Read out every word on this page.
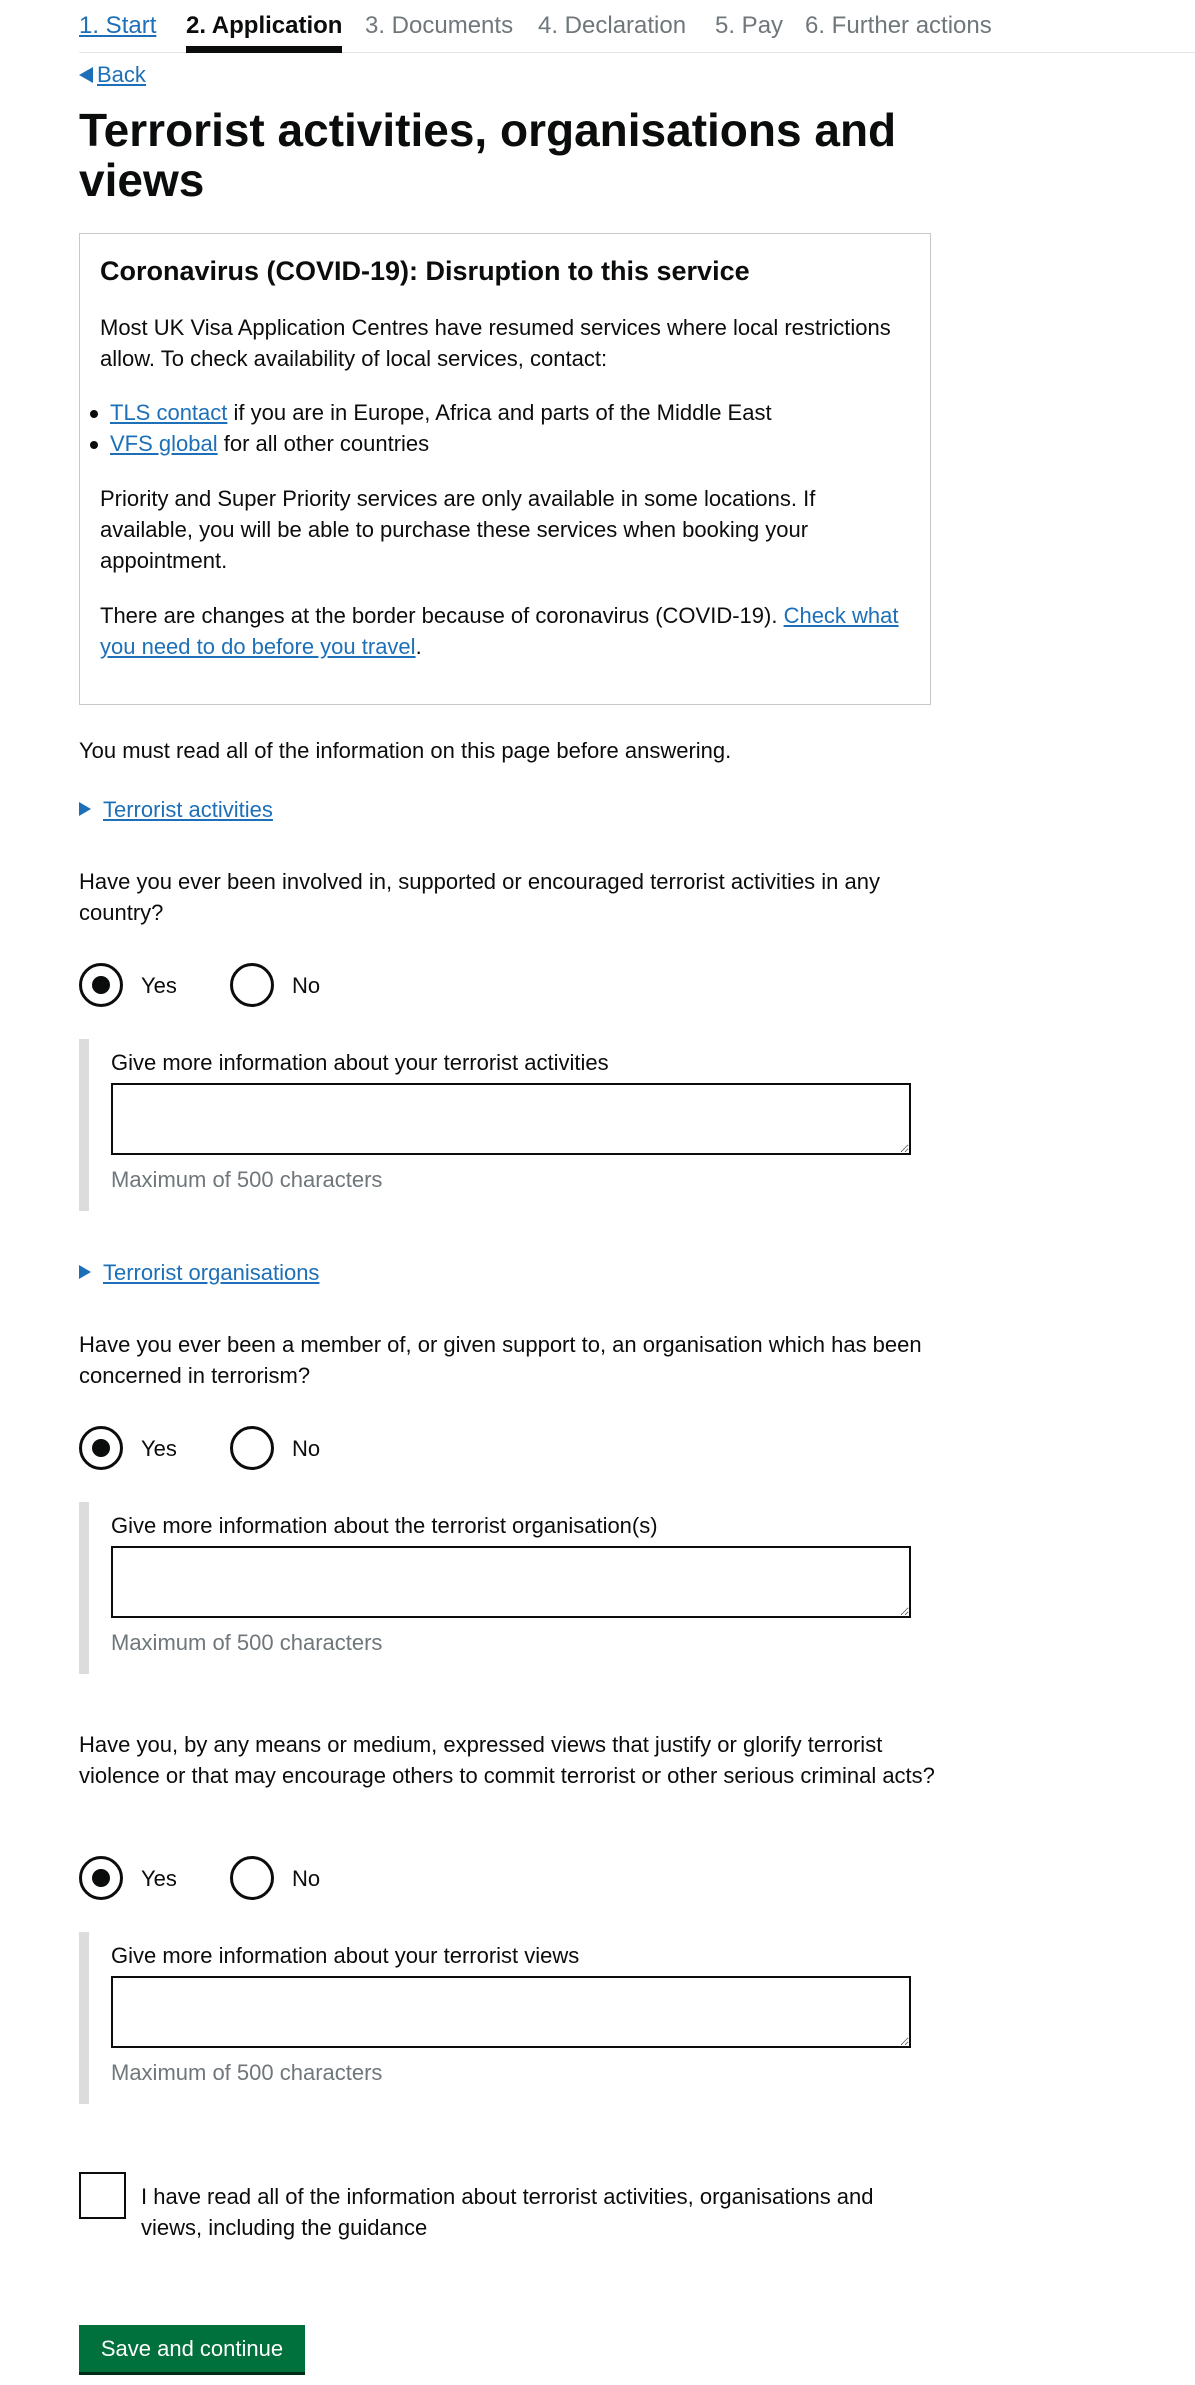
1. Start 2. Application 3. Documents 4. Declaration 5. Pay 6. Further actions
Back
Terrorist activities, organisations and views
Coronavirus (COVID-19): Disruption to this service

Most UK Visa Application Centres have resumed services where local restrictions allow. To check availability of local services, contact:

TLS contact if you are in Europe, Africa and parts of the Middle East
VFS global for all other countries

Priority and Super Priority services are only available in some locations. If available, you will be able to purchase these services when booking your appointment.

There are changes at the border because of coronavirus (COVID-19). Check what you need to do before you travel.

You must read all of the information on this page before answering.
Terrorist activities
Have you ever been involved in, supported or encouraged terrorist activities in any country?
Yes	No
Give more information about your terrorist activities
Maximum of 500 characters
Terrorist organisations
Have you ever been a member of, or given support to, an organisation which has been concerned in terrorism?
Yes	No
Give more information about the terrorist organisation(s)
Maximum of 500 characters
Have you, by any means or medium, expressed views that justify or glorify terrorist violence or that may encourage others to commit terrorist or other serious criminal acts?
Yes	No
Give more information about your terrorist views
Maximum of 500 characters
I have read all of the information about terrorist activities, organisations and views, including the guidance
Save and continue
